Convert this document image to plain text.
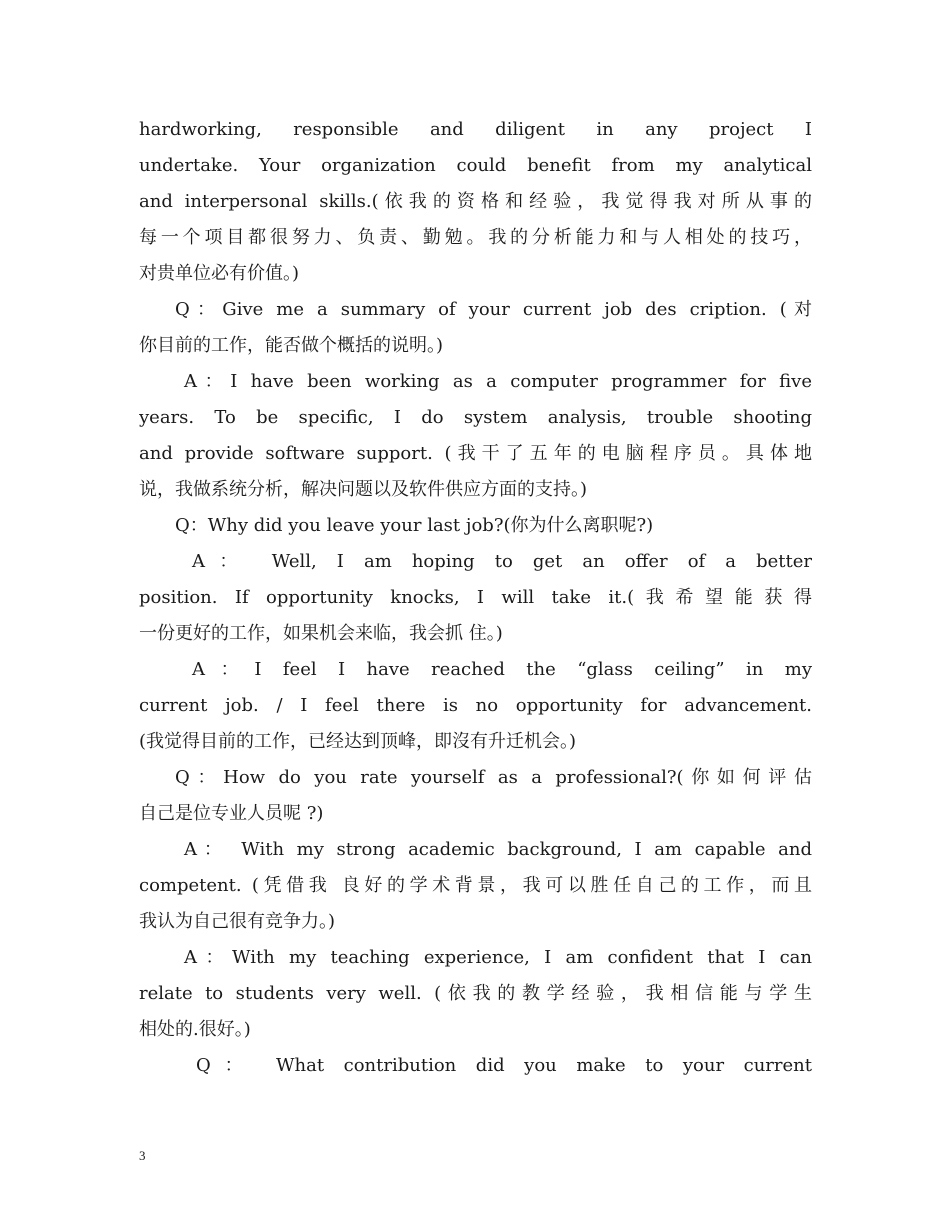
hardworking, responsible and diligent in any project I
undertake. Your organization could benefit from my analytical
and interpersonal skills.(依我的资格和经验，我觉得我对所从事的
每一个项目都很努力、负责、勤勉。我的分析能力和与人相处的技巧，
对贵单位必有价值。)
Q：Give me a summary of your current job des cription. (对
你目前的工作，能否做个概括的说明。)
A：I have been working as a computer programmer for five
years. To be specific, I do system analysis, trouble shooting
and provide software support. (我干了五年的电脑程序员。具体地
说，我做系统分析，解决问题以及软件供应方面的支持。)
Q：Why did you leave your last job?(你为什么离职呢?)
A： Well, I am hoping to get an offer of a better
position. If opportunity knocks, I will take it.(我希望能获得
一份更好的工作，如果机会来临，我会抓 住。)
A：I feel I have reached the “glass ceiling” in my
current job. / I feel there is no opportunity for advancement.
(我觉得目前的工作，已经达到顶峰，即沒有升迁机会。)
Q：How do you rate yourself as a professional?(你如何评估
自己是位专业人员呢 ?)
A： With my strong academic background, I am capable and
competent. (凭借我 良好的学术背景，我可以胜任自己的工作，而且
我认为自己很有竞争力。)
A：With my teaching experience, I am confident that I can
relate to students very well. (依我的教学经验，我相信能与学生
相处的.很好。)
Q： What contribution did you make to your current
3
